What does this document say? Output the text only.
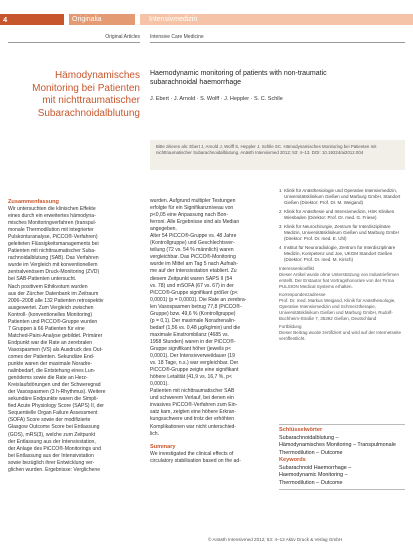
4	Originalia	Intensivmedizin
Original Articles Intensive Care Medicine
Hämodynamisches
Monitoring bei Patienten
mit nichttraumatischer
Subarachnoidalblutung
Haemodynamic monitoring of patients with non-traumatic
subarachnoidal haemorrhage
J. Ebert · J. Arnold · S. Wolff · J. Heppler · S. C. Schlle
Bitte zitieren als: Ebert J, Arnold J, Wolff S, Heppler J, Schlle SC. Hämodynamisches Monitoring bei Patienten mit nichttraumatischer Subarachnoidalblutung. Anästh Intensivmed 2012; 53: 4–13. DOI: 10.19224/ai2012.004

Zusammenfassung

Wir untersuchten die klinischen Effekte
eines durch ein erweitertes hämodyna-
misches Monitoringverfahren (transpul-
monale Thermodilution mit integrierter
Pulskonturanalyse, PiCCO®-Verfahren)
geleiteten Flüssigkeitsmanagements bei
Patienten mit nichttraumatischer Suba-
rachnoidalblutung (SAB). Das Verfahren
wurde im Vergleich mit konventionellem
zentralvenösem Druck-Monitoring (ZVD)
bei SAB-Patienten untersucht.
Nach positivem Ethikvotum wurden
aus der Zürcher Datenbank im Zeitraum
2006–2008 alle 132 Patienten retrospektiv
ausgewertet. Zum Vergleich zwischen
Kontroll- (konventionelles Monitoring)
Patienten und PiCCO®-Gruppe wurden
7 Gruppen à 66 Patienten für eine
Matched-Pairs-Analyse gebildet. Primärer
Endpunkt war die Rate an zerebralen
Vasospasmen (VS) als Ausdruck des Out-
comes der Patienten. Sekundäre End-
punkte waren der maximale Noradre-
nalinbedarf, die Entstehung eines Lun-
genödems sowie die Rate an Herz-
Kreislaufstörungen und der Schweregrad
der Vasospasmen (3 h-Rhythmus). Weitere
sekundäre Endpunkte waren die Simpli-
fied Acute Physiology Score (SAPS) II, der
Sequentielle Organ Failure Assessment
(SOFA) Score sowie der modifizierte
Glasgow Outcome Score bei Entlassung
(GOS), mRS(3), welche zum Zeitpunkt
der Entlassung aus der Intensivstation,
der Anlage des PiCCO®-Monitorings und
bei Entlassung aus der Intensivstation
sowie bezüglich ihrer Entwicklung ver-
glichen wurden. Ergebnisse: Verglichene
wurden. Aufgrund multipler Testungen
erfolgte für ein Signifikanzniveau von
p<0,05 eine Anpassung nach Bon-
ferroni. Alle Ergebnisse sind als Median
angegeben.
Alter 54 PiCCO®-Gruppe vs. 48 Jahre
(Kontrollgruppe) und Geschlechtsver-
teilung (72 vs. 54 % männlich) waren
vergleichbar. Das PiCCO®-Monitoring
wurde im Mittel am Tag 5 nach Aufnah-
me auf der Intensivstation etabliert. Zu
diesem Zeitpunkt waren SAPS II (54
vs. 78) und mSOFA (67 vs. 67) in der
PiCCO®-Gruppe signifikant größer (p<
0,0001) (p = 0,0001). Die Rate an zerebra-
len Vasospasmen betrug 77,8 (PiCCO®-
Gruppe) bzw. 49,6 % (Kontrollgruppe)
(p = 0,1). Der maximale Noradrenalin-
bedarf (1,56 vs. 0,48 µg/kg/min) und die
maximale Einstrombilanz (4685 vs.
1958 Stunden) waren in der PiCCO®-
Gruppe signifikant höher (jeweils p<
0,0001). Der Intensivverweildauer (19
vs. 18 Tage, n.s.) war vergleichbar. Der
PiCCO®-Gruppe zeigte eine signifikant
höhere Letalität (41,9 vs. 16,7 %, p<
0,0001).
Patienten mit nichttraumatischer SAB
und schwerem Verlauf, bei denen ein
invasives PiCCO®-Verfahren zum Ein-
satz kam, zeigten eine höhere Erkran-
kungsschwere und trotz der erhöhten
Komplikationen war nicht unterschied-
lich.

Summary

We investigated the clinical effects of
circulatory stabilisation based on the ad-
1 Klinik für Anästhesiologie und Operative Intensivmedizin, Universitätsklinikum Gießen und Marburg GmbH, Standort Gießen (Direktor: Prof. Dr. M. Weigand)
2 Klinik für Anästhesie und Intensivmedizin, HSK Kliniken Wiesbaden (Direktor: Prof. Dr. med. G. Friese)
3 Klinik für Neurochirurgie, Zentrum für Interdisziplinäre Medizin, Universitätsklinikum Gießen und Marburg GmbH (Direktor: Prof. Dr. med. E. Uhl)
4 Institut für Neuroradiologie, Zentrum für Interdisziplinäre Medizin, Kompetenz und Joe, UKGM Standort Gießen (Direktor: Prof. Dr. med. M. Kirsch)
Interessenkonflikt
Dieser Artikel wurde ohne Unterstützung von Industriefirmen erstellt. Der Erstautor hat Vortragshonorare von der Firma PULSION Medical Systems erhalten.
Korrespondenzadresse
Prof. Dr. med. Markus Weigand, Klinik für Anästhesiologie, Operative Intensivmedizin und Schmerztherapie, Universitätsklinikum Gießen und Marburg GmbH, Rudolf-Buchheim-Straße 7, 35392 Gießen, Deutschland
Fortbildung
Dieser Beitrag wurde zertifiziert und wird auf der Internetseite veröffentlicht.
Schlüsselwörter
Subarachnoidalblutung –
Hämodynamisches Monitoring – Transpulmonale
Thermodilution – Outcome
Keywords
Subarachnoid Haemorrhage –
Haemodynamic Monitoring –
Thermodilution – Outcome
© Anästh Intensivmed 2012; 53: 4–13 Aktiv Druck & Verlag GmbH
